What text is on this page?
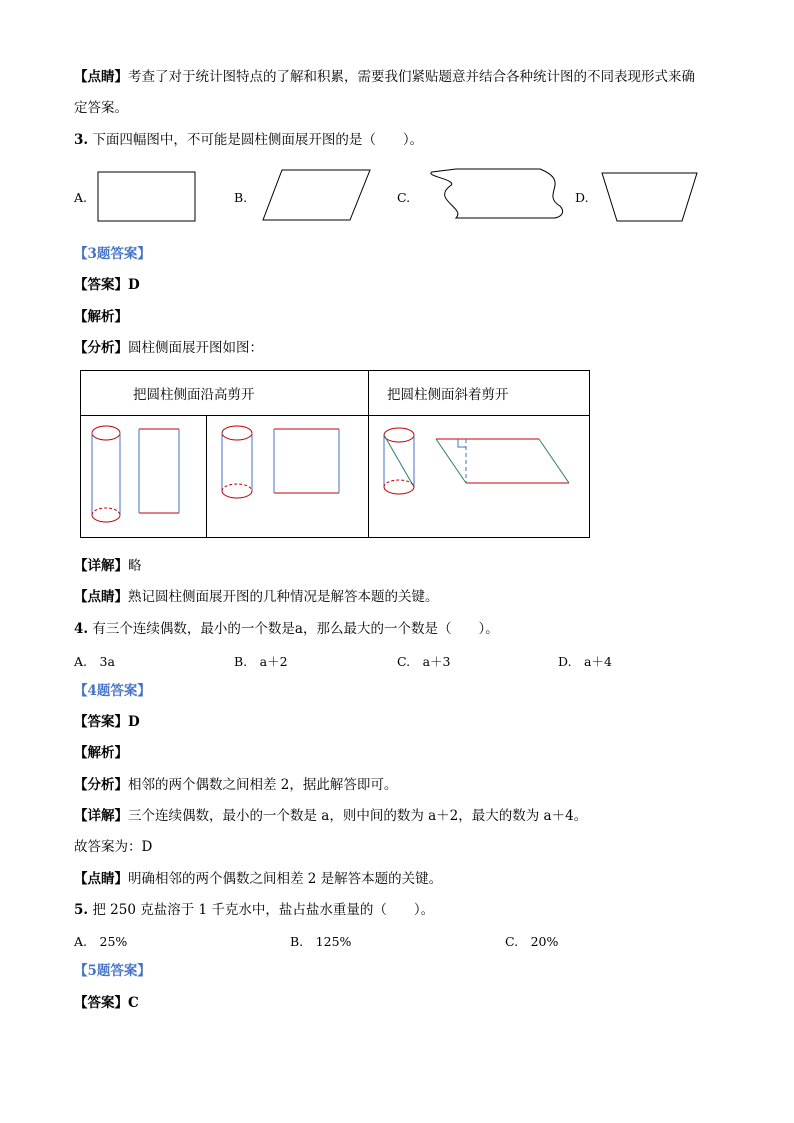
【点睛】考查了对于统计图特点的了解和积累，需要我们紧贴题意并结合各种统计图的不同表现形式来确
定答案。
3. 下面四幅图中，不可能是圆柱侧面展开图的是（　　）。
A.	B.	C.	D.
【3题答案】
【答案】D
【解析】
【分析】圆柱侧面展开图如图：
把圆柱侧面沿高剪开	把圆柱侧面斜着剪开
【详解】略
【点睛】熟记圆柱侧面展开图的几种情况是解答本题的关键。
4. 有三个连续偶数，最小的一个数是a，那么最大的一个数是（　　）。
A.　3a	B.　a＋2	C.　a＋3	D.　a＋4
【4题答案】
【答案】D
【解析】
【分析】相邻的两个偶数之间相差 2，据此解答即可。
【详解】三个连续偶数，最小的一个数是 a，则中间的数为 a＋2，最大的数为 a＋4。
故答案为：D
【点睛】明确相邻的两个偶数之间相差 2 是解答本题的关键。
5. 把 250 克盐溶于 1 千克水中，盐占盐水重量的（　　）。
A.　25%	B.　125%	C.　20%
【5题答案】
【答案】C
